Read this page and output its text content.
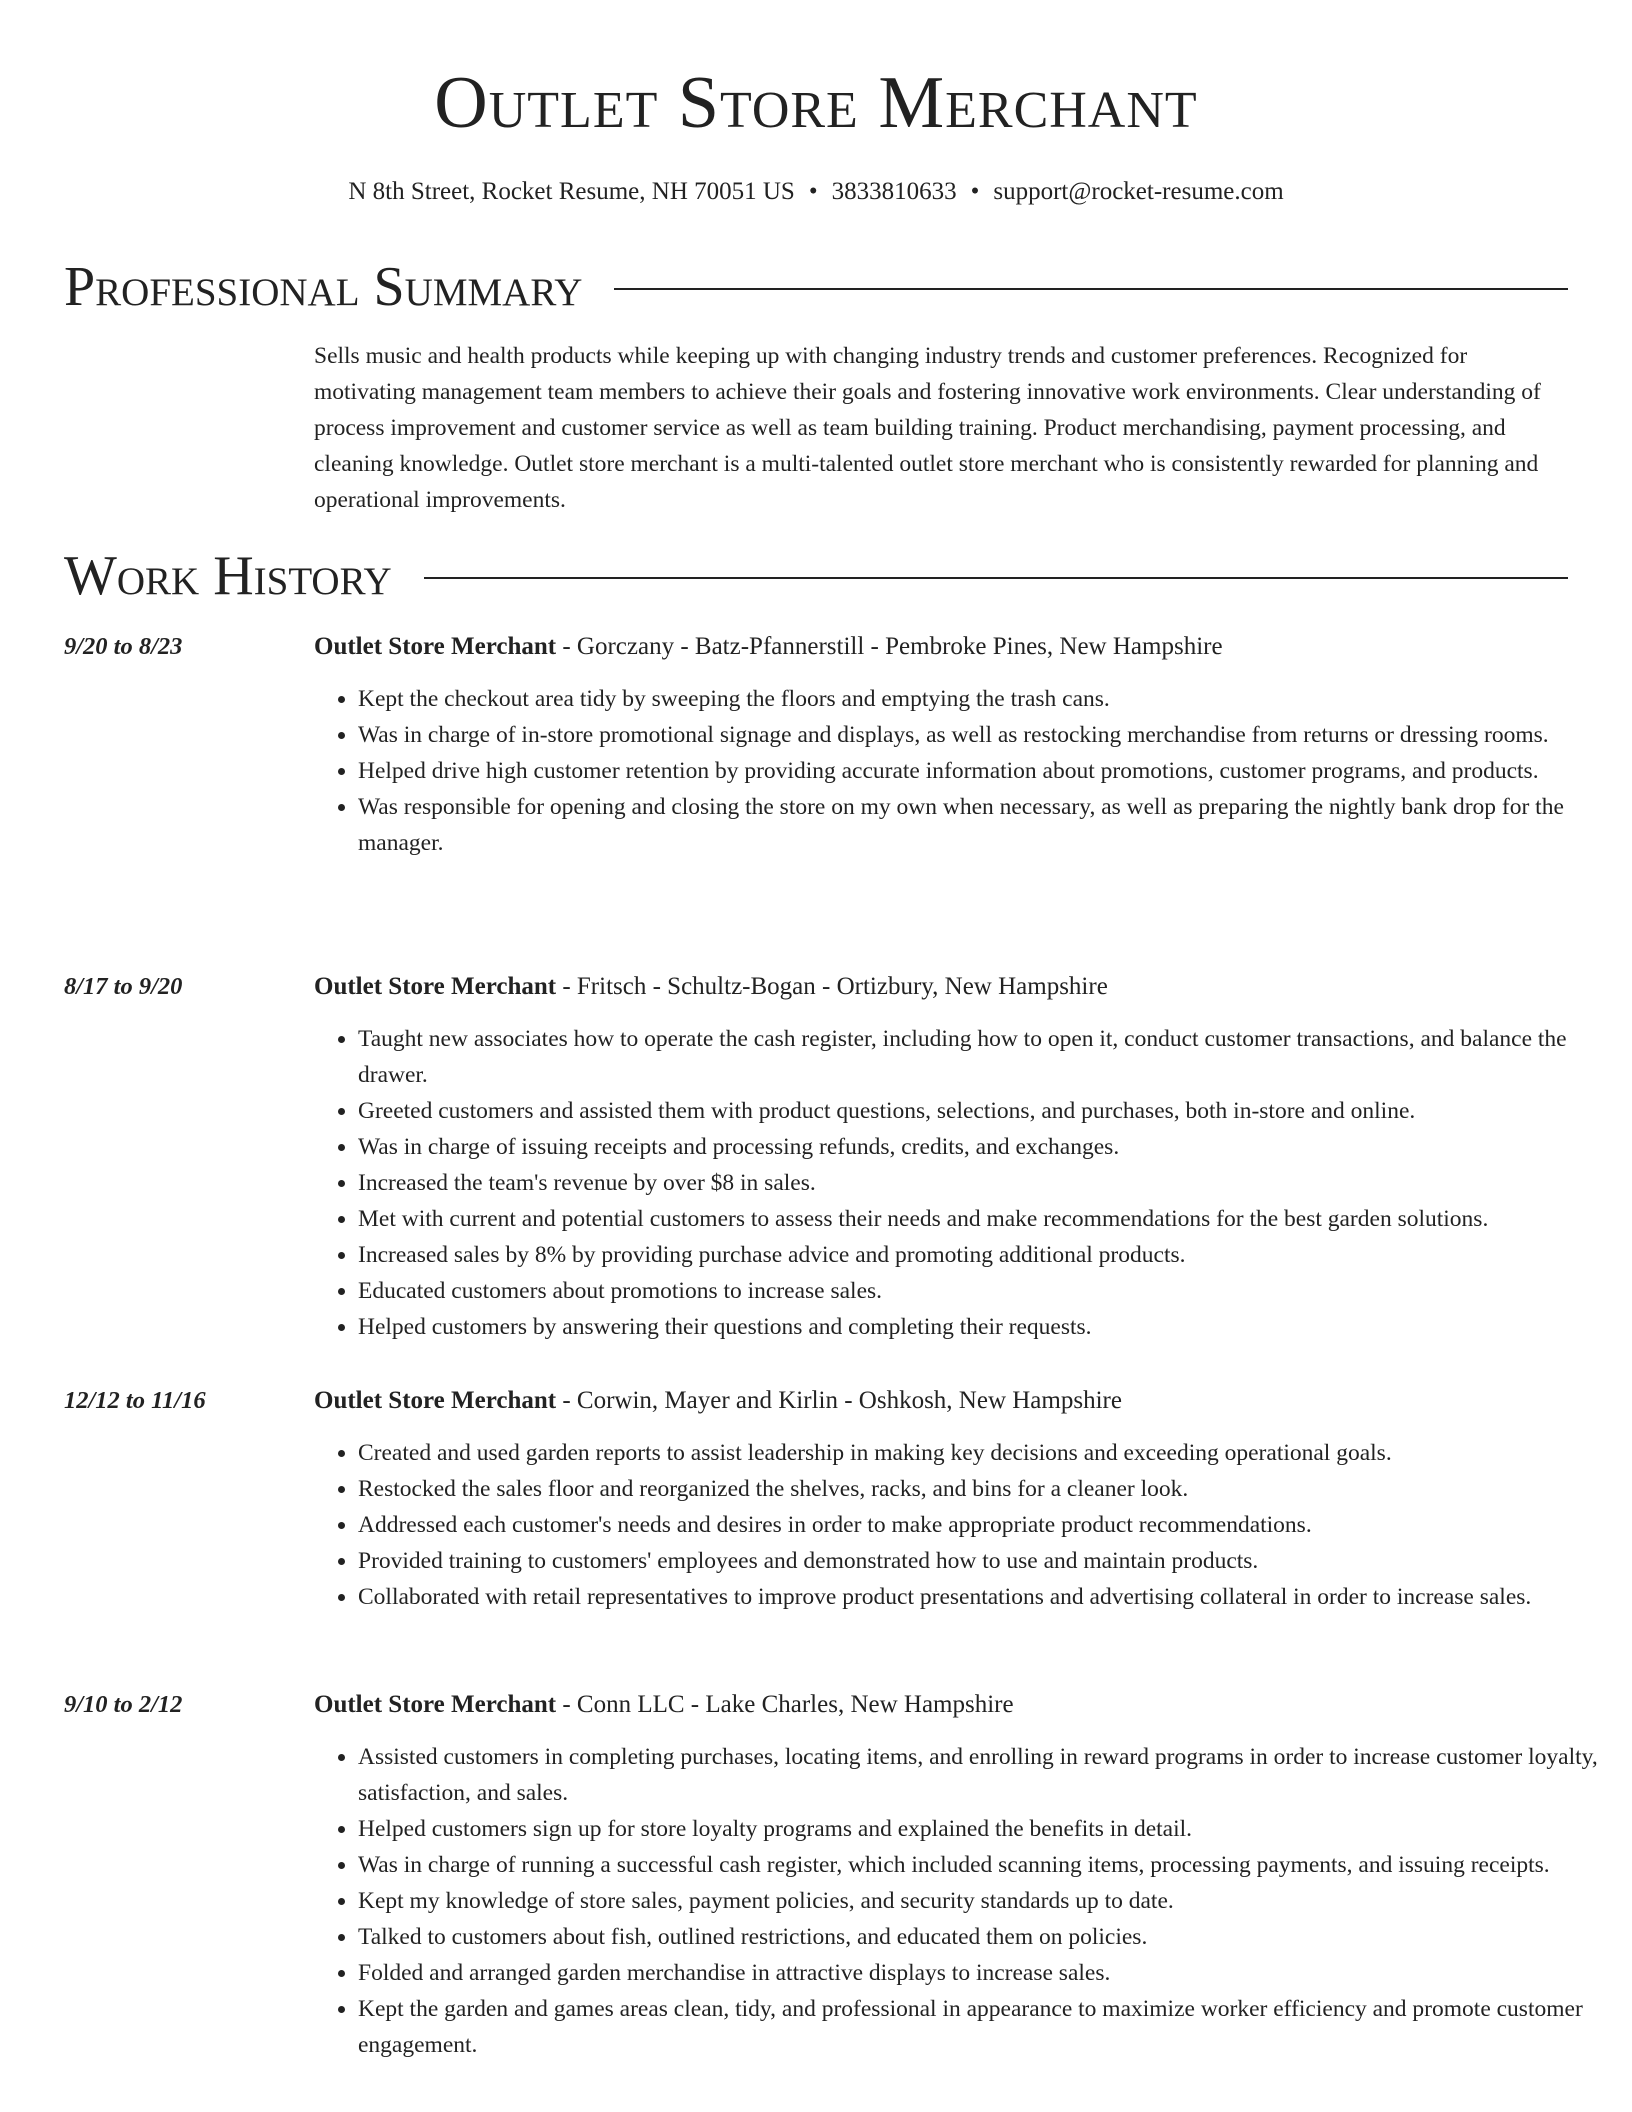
Outlet Store Merchant
N 8th Street, Rocket Resume, NH 70051 US • 3833810633 • support@rocket-resume.com
Professional Summary

Sells music and health products while keeping up with changing industry trends and customer preferences. Recognized for motivating management team members to achieve their goals and fostering innovative work environments. Clear understanding of process improvement and customer service as well as team building training. Product merchandising, payment processing, and cleaning knowledge. Outlet store merchant is a multi-talented outlet store merchant who is consistently rewarded for planning and operational improvements.

Work History
9/20 to 8/23	Outlet Store Merchant - Gorczany - Batz-Pfannerstill - Pembroke Pines, New Hampshire
• Kept the checkout area tidy by sweeping the floors and emptying the trash cans.
• Was in charge of in-store promotional signage and displays, as well as restocking merchandise from returns or dressing rooms.
• Helped drive high customer retention by providing accurate information about promotions, customer programs, and products.
• Was responsible for opening and closing the store on my own when necessary, as well as preparing the nightly bank drop for the manager.
8/17 to 9/20	Outlet Store Merchant - Fritsch - Schultz-Bogan - Ortizbury, New Hampshire
• Taught new associates how to operate the cash register, including how to open it, conduct customer transactions, and balance the drawer.
• Greeted customers and assisted them with product questions, selections, and purchases, both in-store and online.
• Was in charge of issuing receipts and processing refunds, credits, and exchanges.
• Increased the team's revenue by over $8 in sales.
• Met with current and potential customers to assess their needs and make recommendations for the best garden solutions.
• Increased sales by 8% by providing purchase advice and promoting additional products.
• Educated customers about promotions to increase sales.
• Helped customers by answering their questions and completing their requests.
12/12 to 11/16	Outlet Store Merchant - Corwin, Mayer and Kirlin - Oshkosh, New Hampshire
• Created and used garden reports to assist leadership in making key decisions and exceeding operational goals.
• Restocked the sales floor and reorganized the shelves, racks, and bins for a cleaner look.
• Addressed each customer's needs and desires in order to make appropriate product recommendations.
• Provided training to customers' employees and demonstrated how to use and maintain products.
• Collaborated with retail representatives to improve product presentations and advertising collateral in order to increase sales.
9/10 to 2/12	Outlet Store Merchant - Conn LLC - Lake Charles, New Hampshire
• Assisted customers in completing purchases, locating items, and enrolling in reward programs in order to increase customer loyalty, satisfaction, and sales.
• Helped customers sign up for store loyalty programs and explained the benefits in detail.
• Was in charge of running a successful cash register, which included scanning items, processing payments, and issuing receipts.
• Kept my knowledge of store sales, payment policies, and security standards up to date.
• Talked to customers about fish, outlined restrictions, and educated them on policies.
• Folded and arranged garden merchandise in attractive displays to increase sales.
• Kept the garden and games areas clean, tidy, and professional in appearance to maximize worker efficiency and promote customer engagement.
